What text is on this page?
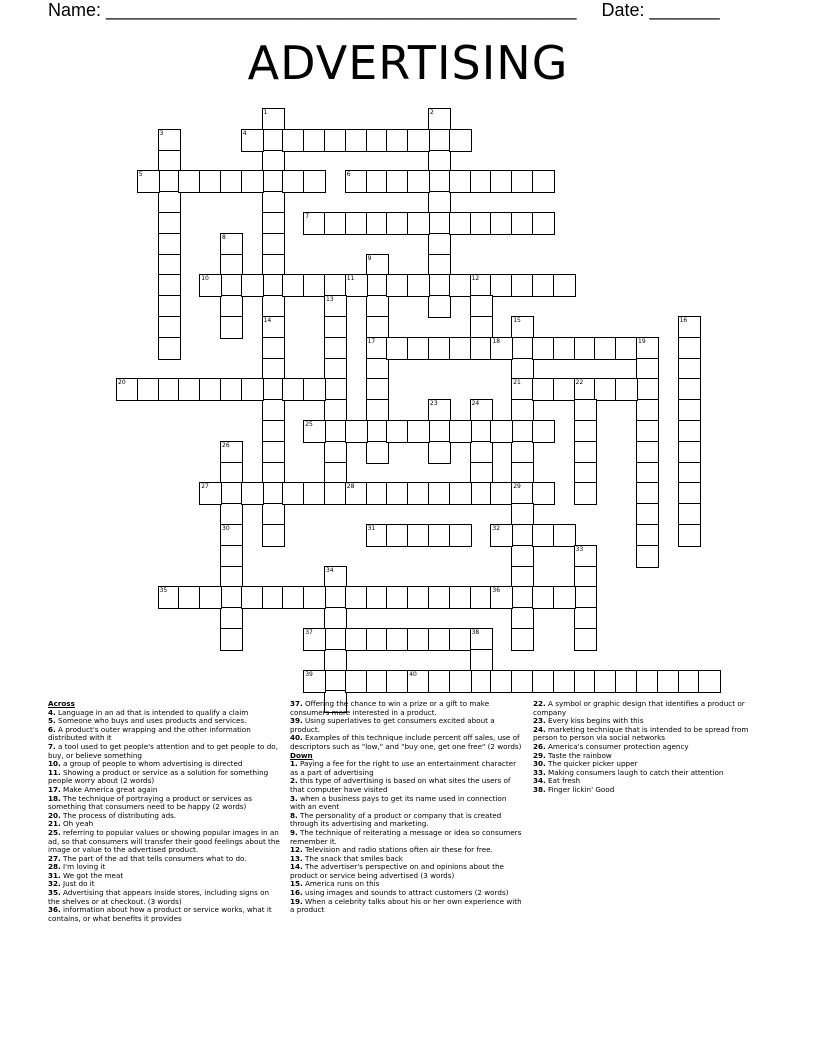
Name: _______________________________________________     Date: _______
ADVERTISING
1	2
3	4
5	6
7
8
9
17
10	11	12
13
14	15
21
16
18	19
20	22
23	24
25
26
27	28	29
30	31	32
33
34
35	36
37	38
39	40
Across
4. Language in an ad that is intended to qualify a claim
5. Someone who buys and uses products and services.
6. A product's outer wrapping and the other information distributed with it
7. a tool used to get people's attention and to get people to do, buy, or believe something
10. a group of people to whom advertising is directed
11. Showing a product or service as a solution for something people worry about (2 words)
17. Make America great again
18. The technique of portraying a product or services as something that consumers need to be happy (2 words)
20. The process of distributing ads.
21. Oh yeah
25. referring to popular values or showing popular images in an ad, so that consumers will transfer their good feelings about the image or value to the advertised product.
27. The part of the ad that tells consumers what to do.
28. I'm loving it
31. We got the meat
32. Just do it
35. Advertising that appears inside stores, including signs on the shelves or at checkout. (3 words)
36. information about how a product or service works, what it contains, or what benefits it provides
37. Offering the chance to win a prize or a gift to make consumers more interested in a product.
39. Using superlatives to get consumers excited about a product.
40. Examples of this technique include percent off sales, use of descriptors such as "low," and "buy one, get one free" (2 words)
Down
1. Paying a fee for the right to use an entertainment character as a part of advertising
2. this type of advertising is based on what sites the users of that computer have visited
3. when a business pays to get its name used in connection with an event
8. The personality of a product or company that is created through its advertising and marketing.
9. The technique of reiterating a message or idea so consumers remember it.
12. Television and radio stations often air these for free.
13. The snack that smiles back
14. The advertiser's perspective on and opinions about the product or service being advertised (3 words)
15. America runs on this
16. using images and sounds to attract customers (2 words)
19. When a celebrity talks about his or her own experience with a product
22. A symbol or graphic design that identifies a product or company
23. Every kiss begins with this
24. marketing technique that is intended to be spread from person to person via social networks
26. America's consumer protection agency
29. Taste the rainbow
30. The quicker picker upper
33. Making consumers laugh to catch their attention
34. Eat fresh
38. Finger lickin' Good
